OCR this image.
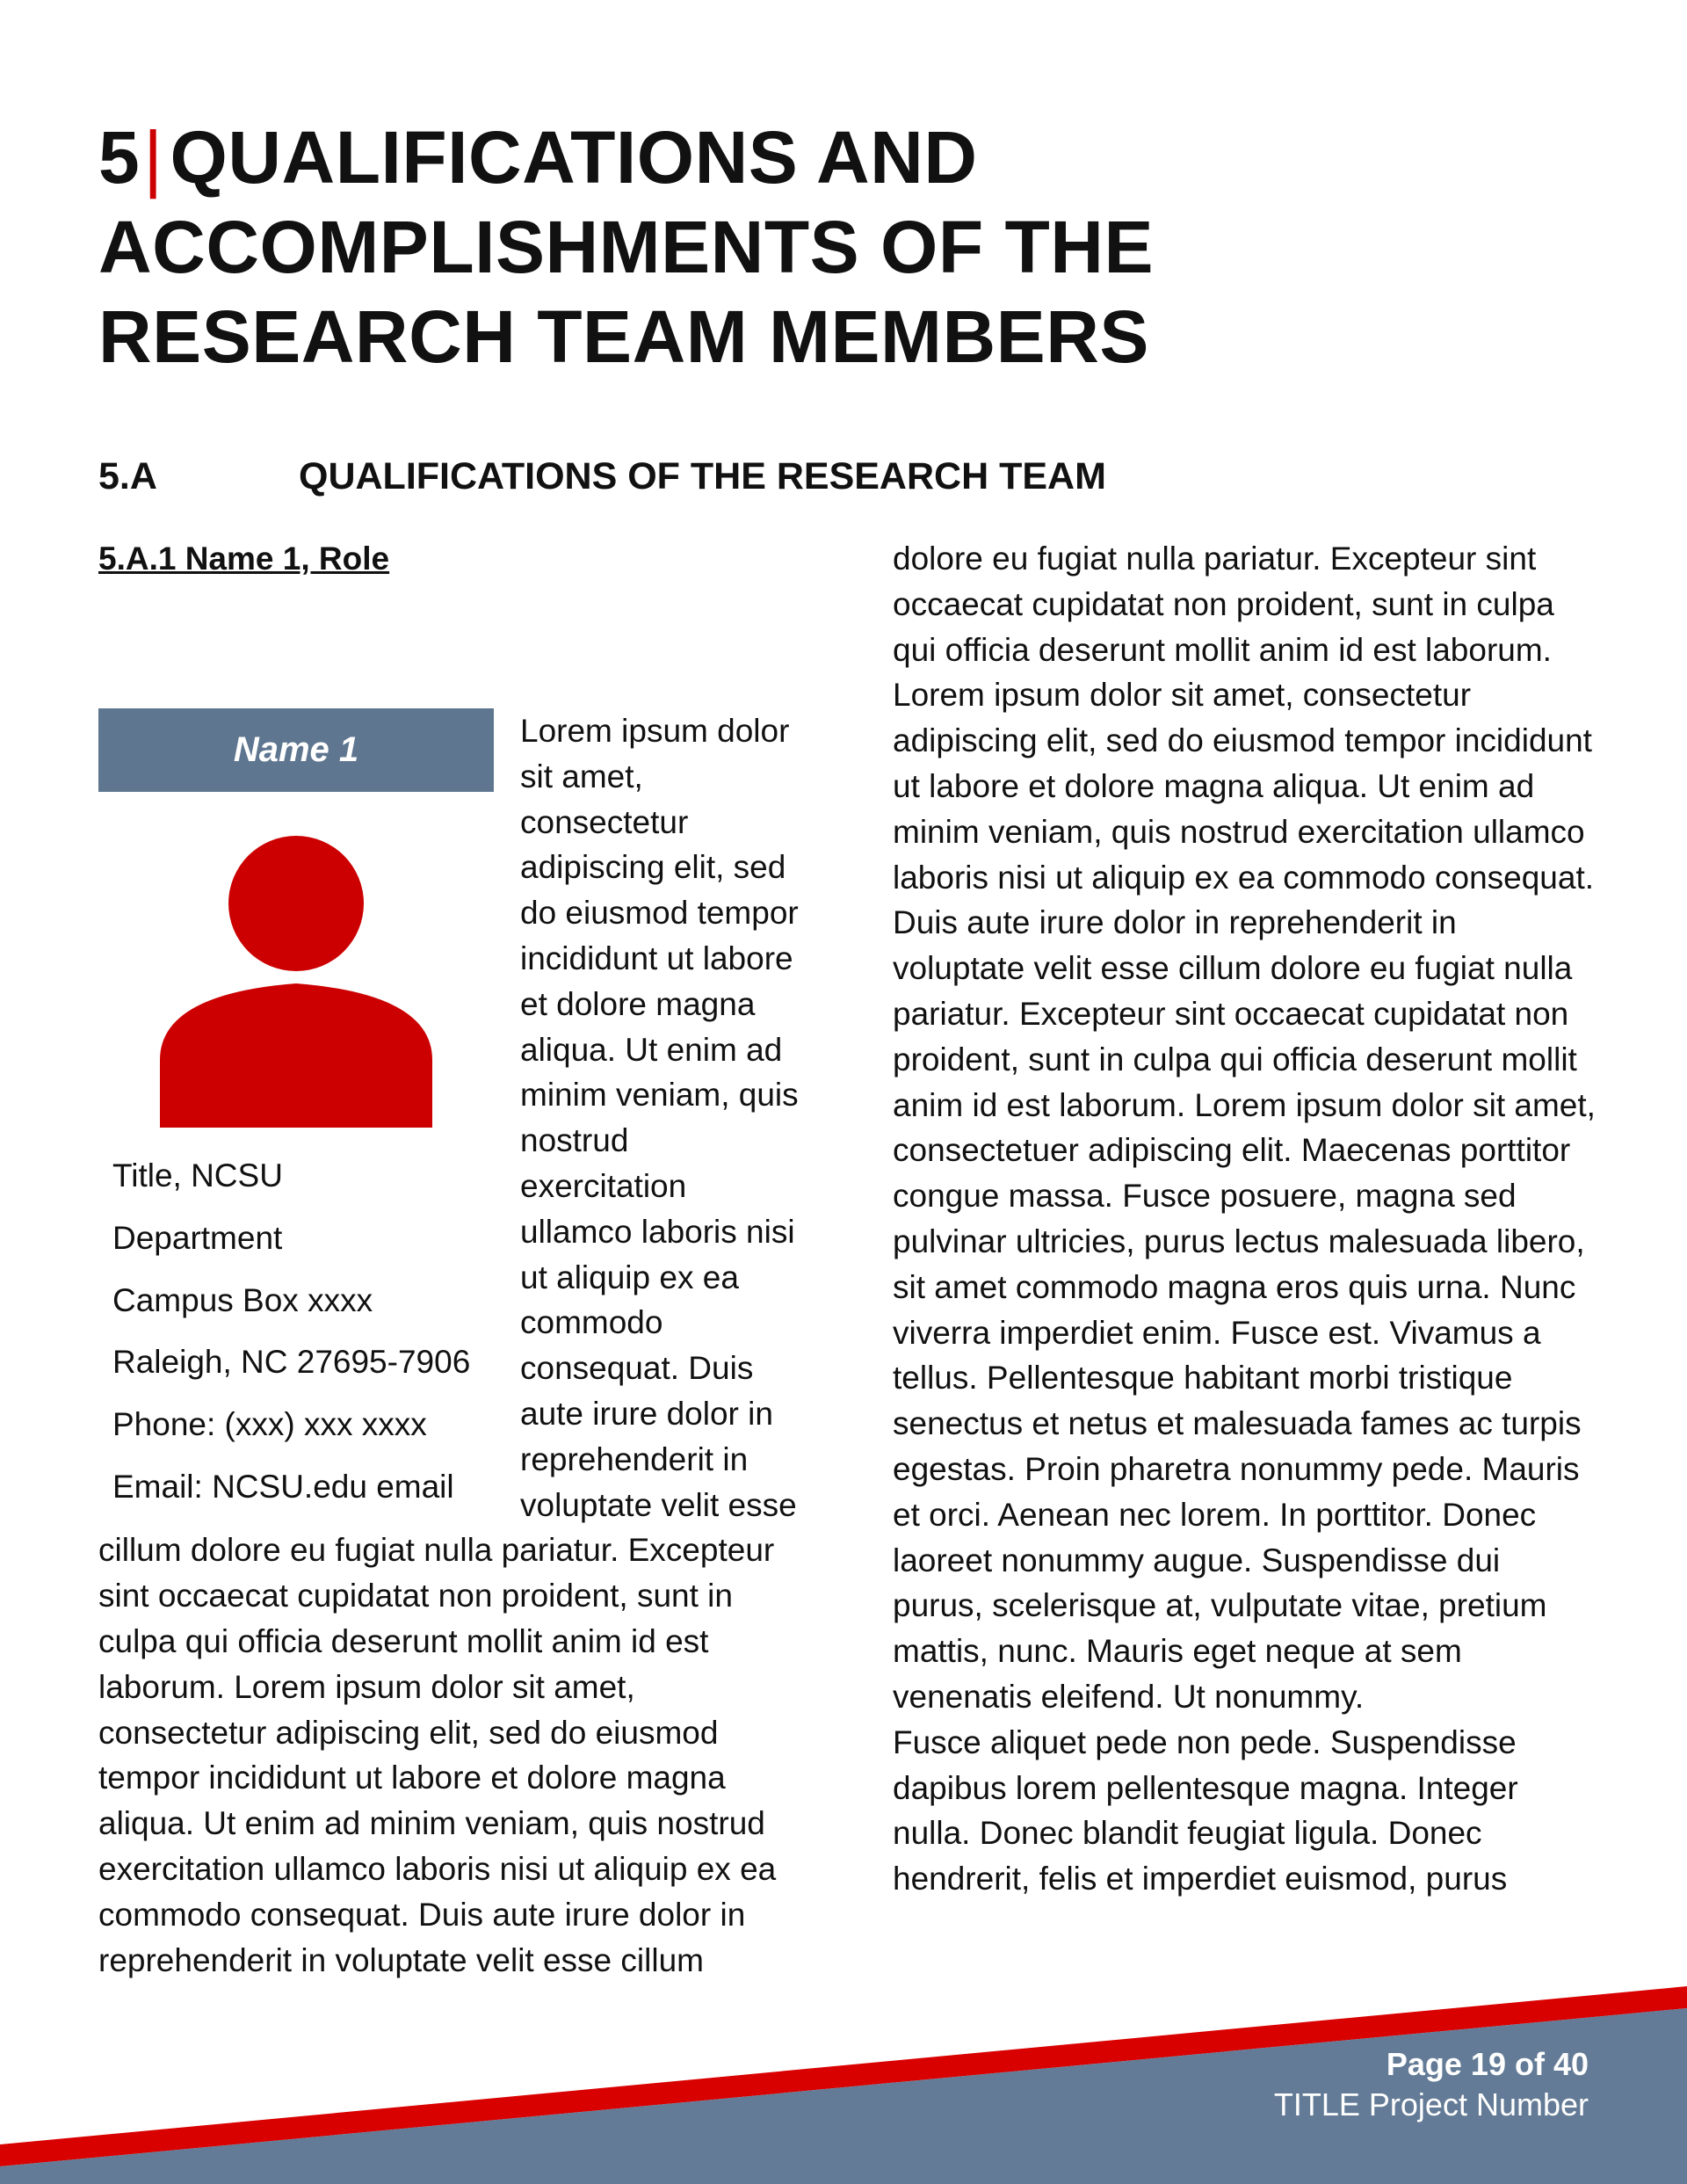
5|QUALIFICATIONS AND ACCOMPLISHMENTS OF THE RESEARCH TEAM MEMBERS
5.A	QUALIFICATIONS OF THE RESEARCH TEAM
5.A.1 Name 1, Role
Name 1
Title, NCSU
Department
Campus Box xxxx
Raleigh, NC 27695-7906
Phone: (xxx) xxx xxxx
Email: NCSU.edu email
Lorem ipsum dolor sit amet, consectetur adipiscing elit, sed do eiusmod tempor incididunt ut labore et dolore magna aliqua. Ut enim ad minim veniam, quis nostrud exercitation ullamco laboris nisi ut aliquip ex ea commodo consequat. Duis aute irure dolor in reprehenderit in voluptate velit esse cillum dolore eu fugiat nulla pariatur. Excepteur sint occaecat cupidatat non proident, sunt in culpa qui officia deserunt mollit anim id est laborum. Lorem ipsum dolor sit amet, consectetur adipiscing elit, sed do eiusmod tempor incididunt ut labore et dolore magna aliqua. Ut enim ad minim veniam, quis nostrud exercitation ullamco laboris nisi ut aliquip ex ea commodo consequat. Duis aute irure dolor in reprehenderit in voluptate velit esse cillum

dolore eu fugiat nulla pariatur. Excepteur sint occaecat cupidatat non proident, sunt in culpa qui officia deserunt mollit anim id est laborum. Lorem ipsum dolor sit amet, consectetur adipiscing elit, sed do eiusmod tempor incididunt ut labore et dolore magna aliqua. Ut enim ad minim veniam, quis nostrud exercitation ullamco laboris nisi ut aliquip ex ea commodo consequat. Duis aute irure dolor in reprehenderit in voluptate velit esse cillum dolore eu fugiat nulla pariatur. Excepteur sint occaecat cupidatat non proident, sunt in culpa qui officia deserunt mollit anim id est laborum. Lorem ipsum dolor sit amet, consectetuer adipiscing elit. Maecenas porttitor congue massa. Fusce posuere, magna sed pulvinar ultricies, purus lectus malesuada libero, sit amet commodo magna eros quis urna. Nunc viverra imperdiet enim. Fusce est. Vivamus a tellus. Pellentesque habitant morbi tristique senectus et netus et malesuada fames ac turpis egestas. Proin pharetra nonummy pede. Mauris et orci. Aenean nec lorem. In porttitor. Donec laoreet nonummy augue. Suspendisse dui purus, scelerisque at, vulputate vitae, pretium mattis, nunc. Mauris eget neque at sem venenatis eleifend. Ut nonummy.

Fusce aliquet pede non pede. Suspendisse dapibus lorem pellentesque magna. Integer nulla. Donec blandit feugiat ligula. Donec hendrerit, felis et imperdiet euismod, purus

Page 19 of 40
TITLE Project Number
